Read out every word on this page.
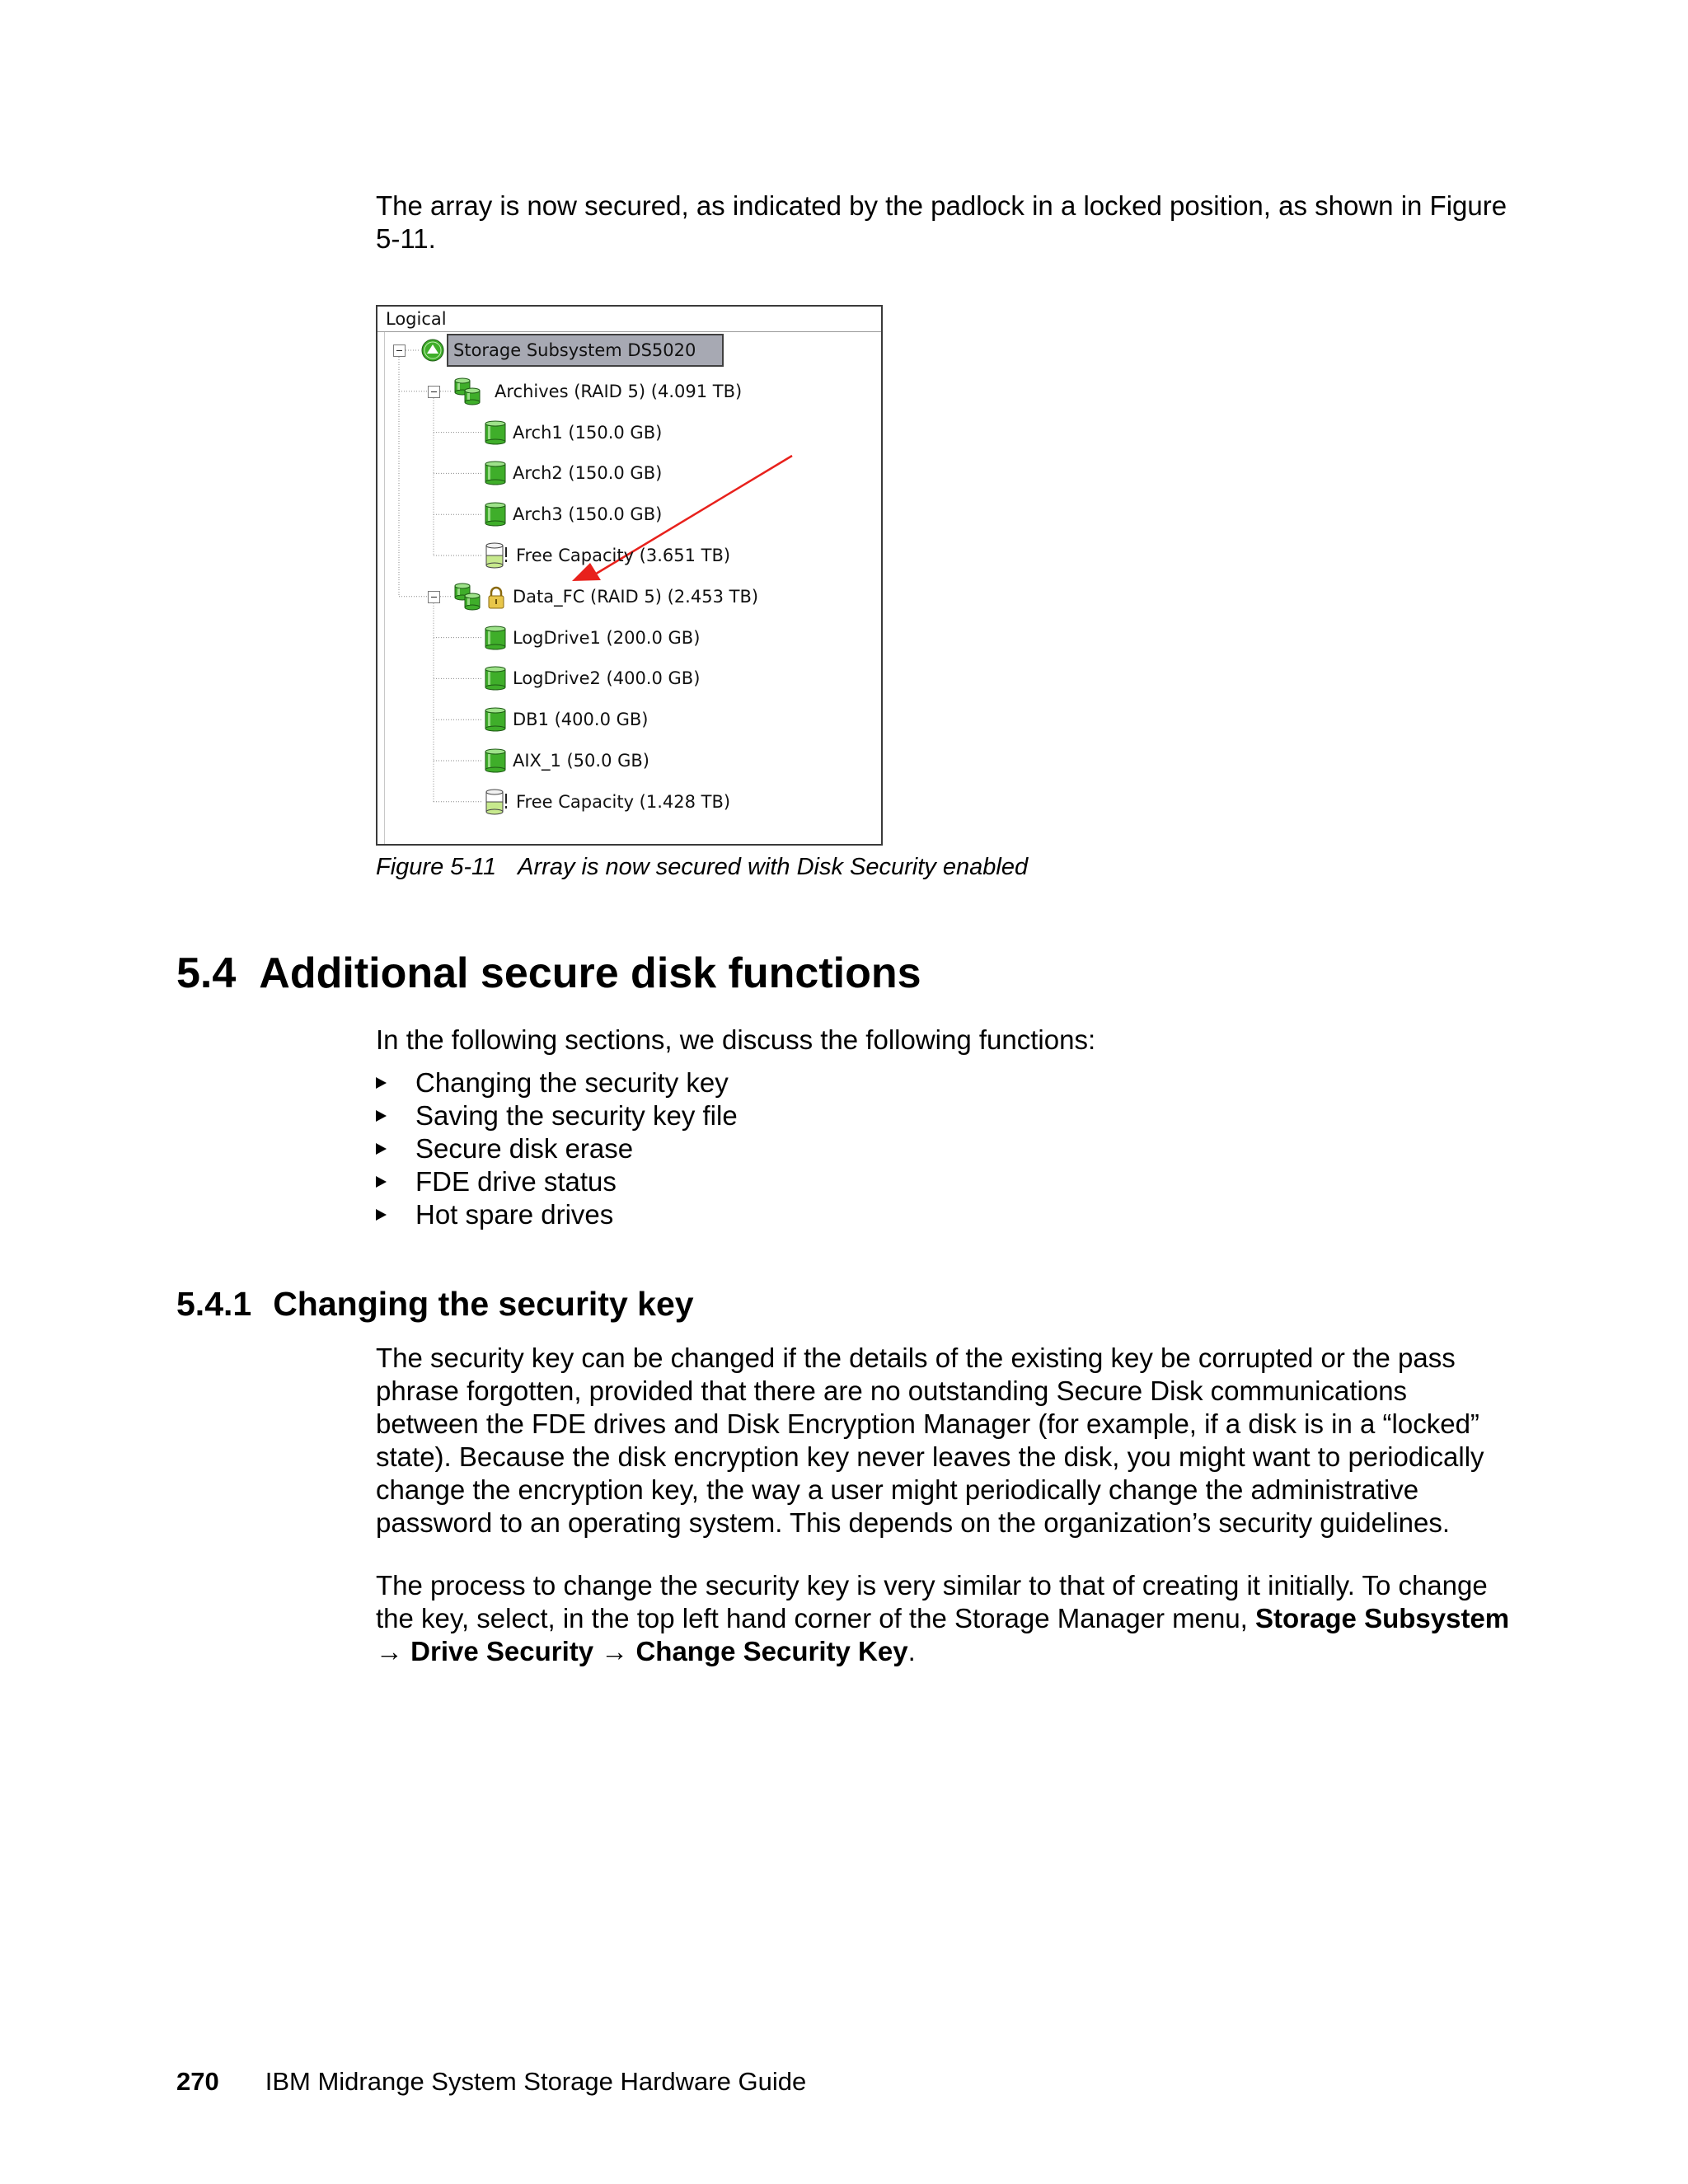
The array is now secured, as indicated by the padlock in a locked position, as shown in Figure 5-11.

Logical
Storage Subsystem DS5020
Archives (RAID 5) (4.091 TB)
Arch1 (150.0 GB)
Arch2 (150.0 GB)
Arch3 (150.0 GB)
Free Capacity (3.651 TB)
Data_FC (RAID 5) (2.453 TB)
LogDrive1 (200.0 GB)
LogDrive2 (400.0 GB)
DB1 (400.0 GB)
AIX_1 (50.0 GB)
Free Capacity (1.428 TB)

Figure 5-11 Array is now secured with Disk Security enabled

5.4 Additional secure disk functions

In the following sections, we discuss the following functions:

Changing the security key
Saving the security key file
Secure disk erase
FDE drive status
Hot spare drives
5.4.1 Changing the security key

The security key can be changed if the details of the existing key be corrupted or the pass phrase forgotten, provided that there are no outstanding Secure Disk communications between the FDE drives and Disk Encryption Manager (for example, if a disk is in a “locked” state). Because the disk encryption key never leaves the disk, you might want to periodically change the encryption key, the way a user might periodically change the administrative password to an operating system. This depends on the organization’s security guidelines.

The process to change the security key is very similar to that of creating it initially. To change the key, select, in the top left hand corner of the Storage Manager menu, Storage Subsystem → Drive Security → Change Security Key.

270 IBM Midrange System Storage Hardware Guide
